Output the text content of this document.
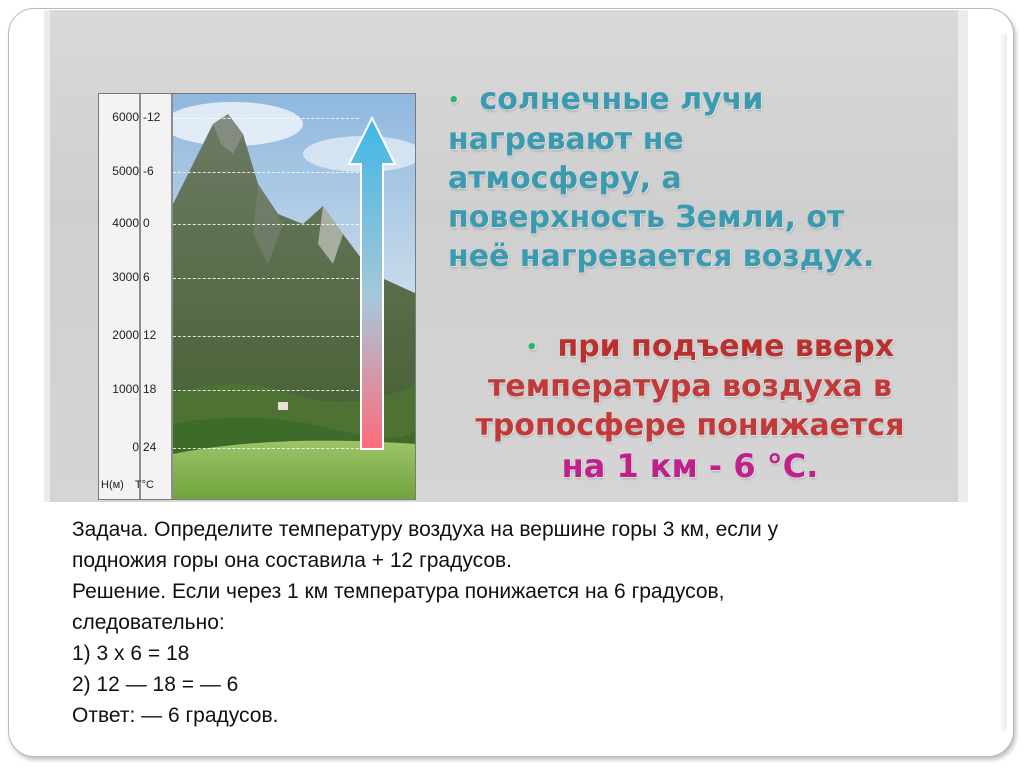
6000 -12
5000 -6
4000 0
3000 6
2000 12
1000 18
0 24
H(м) T°C
• солнечные лучи
нагревают не
атмосферу, а
поверхность Земли, от
неё нагревается воздух.
• при подъеме вверх
температура воздуха в
тропосфере понижается
на 1 км - 6 °С.
Задача. Определите температуру воздуха на вершине горы 3 км, если у
подножия горы она составила + 12 градусов.
Решение. Если через 1 км температура понижается на 6 градусов,
следовательно:
1) 3 х 6 = 18
2) 12 — 18 = — 6
Ответ: — 6 градусов.
